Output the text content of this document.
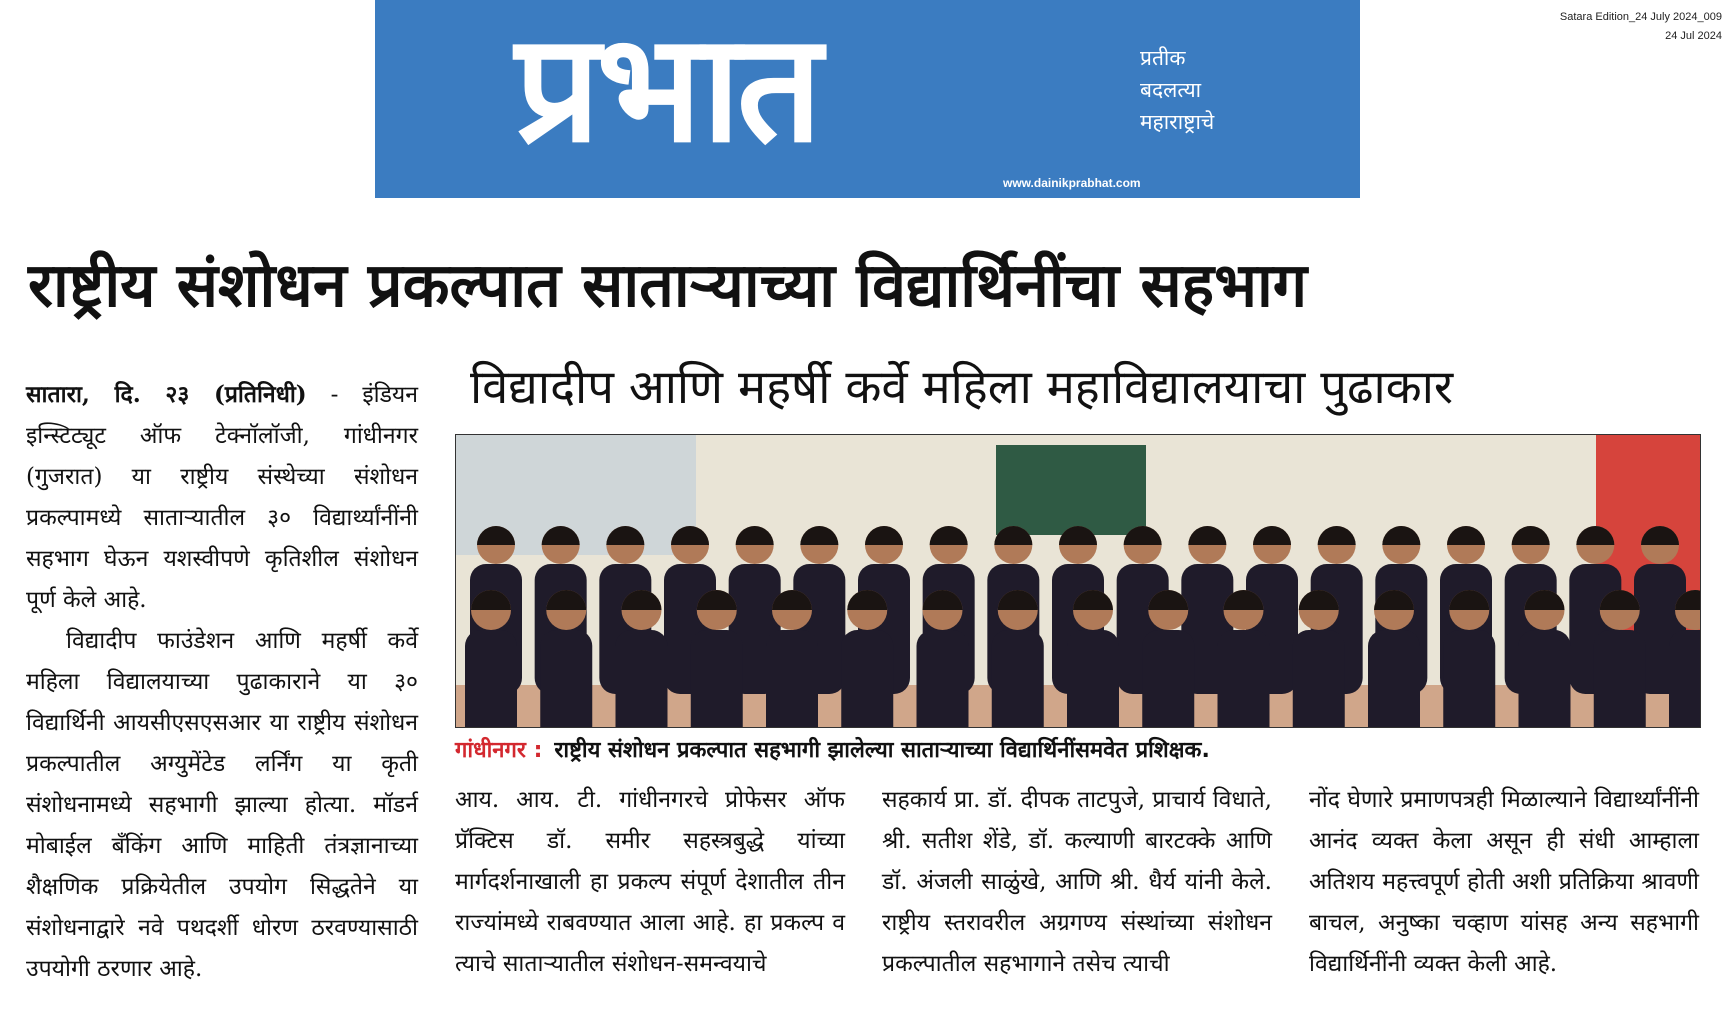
प्रभात	प्रतीक
बदलत्या
महाराष्ट्राचे
www.dainikprabhat.com
Satara Edition_24 July 2024_009
24 Jul 2024
राष्ट्रीय संशोधन प्रकल्पात साताऱ्याच्या विद्यार्थिनींचा सहभाग
विद्यादीप आणि महर्षी कर्वे महिला महाविद्यालयाचा पुढाकार

सातारा, दि. २३ (प्रतिनिधी) - इंडियन इन्स्टिट्यूट ऑफ टेक्नॉलॉजी, गांधीनगर (गुजरात) या राष्ट्रीय संस्थेच्या संशोधन प्रकल्पामध्ये साताऱ्यातील ३० विद्यार्थ्यांनींनी सहभाग घेऊन यशस्वीपणे कृतिशील संशोधन पूर्ण केले आहे.

विद्यादीप फाउंडेशन आणि महर्षी कर्वे महिला विद्यालयाच्या पुढाकाराने या ३० विद्यार्थिनी आयसीएसएसआर या राष्ट्रीय संशोधन प्रकल्पातील अग्युमेंटेड लर्निंग या कृती संशोधनामध्ये सहभागी झाल्या होत्या. मॉडर्न मोबाईल बँकिंग आणि माहिती तंत्रज्ञानाच्या शैक्षणिक प्रक्रियेतील उपयोग सिद्धतेने या संशोधनाद्वारे नवे पथदर्शी धोरण ठरवण्यासाठी उपयोगी ठरणार आहे.

गांधीनगर : राष्ट्रीय संशोधन प्रकल्पात सहभागी झालेल्या साताऱ्याच्या विद्यार्थिनींसमवेत प्रशिक्षक.
आय. आय. टी. गांधीनगरचे प्रोफेसर ऑफ प्रॅक्टिस डॉ. समीर सहस्त्रबुद्धे यांच्या मार्गदर्शनाखाली हा प्रकल्प संपूर्ण देशातील तीन राज्यांमध्ये राबवण्यात आला आहे. हा प्रकल्प व त्याचे साताऱ्यातील संशोधन-समन्वयाचे
सहकार्य प्रा. डॉ. दीपक ताटपुजे, प्राचार्य विधाते, श्री. सतीश शेंडे, डॉ. कल्याणी बारटक्के आणि डॉ. अंजली साळुंखे, आणि श्री. धैर्य यांनी केले. राष्ट्रीय स्तरावरील अग्रगण्य संस्थांच्या संशोधन प्रकल्पातील सहभागाने तसेच त्याची
नोंद घेणारे प्रमाणपत्रही मिळाल्याने विद्यार्थ्यांनींनी आनंद व्यक्त केला असून ही संधी आम्हाला अतिशय महत्त्वपूर्ण होती अशी प्रतिक्रिया श्रावणी बाचल, अनुष्का चव्हाण यांसह अन्य सहभागी विद्यार्थिनींनी व्यक्त केली आहे.
